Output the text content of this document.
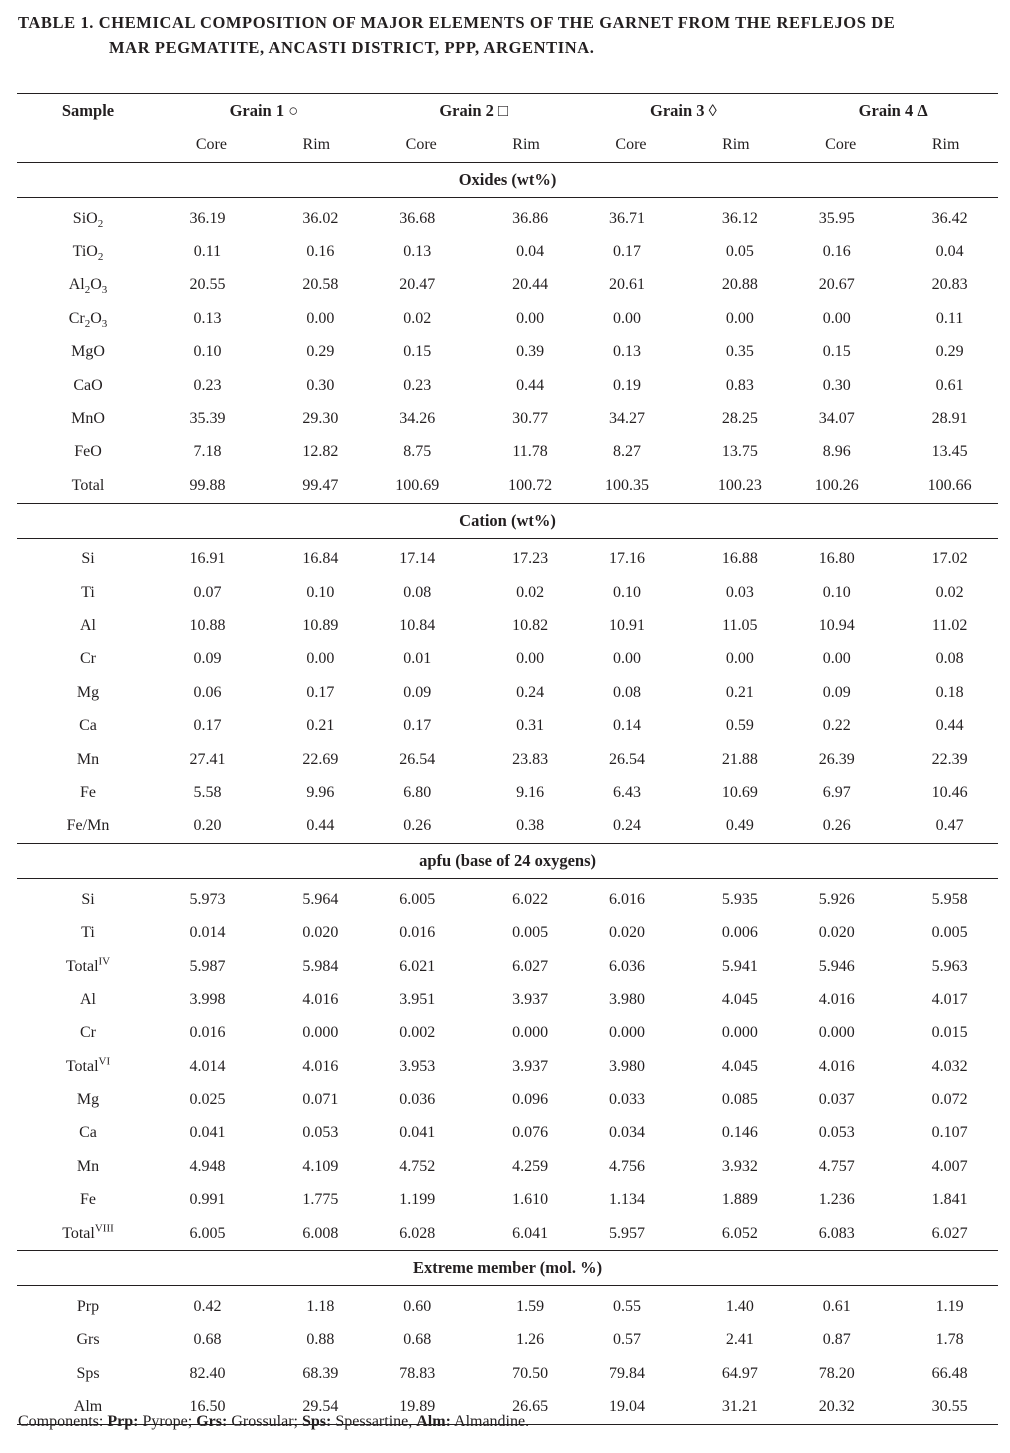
TABLE 1. CHEMICAL COMPOSITION OF MAJOR ELEMENTS OF THE GARNET FROM THE REFLEJOS DE
MAR PEGMATITE, ANCASTI DISTRICT, PPP, ARGENTINA.
Sample	Grain 1 ○		Grain 2 □		Grain 3 ◊		Grain 4 Δ	
	Core	Rim	Core	Rim	Core	Rim	Core	Rim
Oxides (wt%)								
SiO$_2$	36.19	36.02	36.68	36.86	36.71	36.12	35.95	36.42
TiO$_2$	0.11	0.16	0.13	0.04	0.17	0.05	0.16	0.04
$Al_2O_3$	20.55	20.58	20.47	20.44	20.61	20.88	20.67	20.83
$Cr_2O_3$	0.13	0.00	0.02	0.00	0.00	0.00	0.00	0.11
MgO	0.10	0.29	0.15	0.39	0.13	0.35	0.15	0.29
CaO	0.23	0.30	0.23	0.44	0.19	0.83	0.30	0.61
MnO	35.39	29.30	34.26	30.77	34.27	28.25	34.07	28.91
FeO	7.18	12.82	8.75	11.78	8.27	13.75	8.96	13.45
Total	99.88	99.47	100.69	100.72	100.35	100.23	100.26	100.66
Cation (wt%)								
Si	16.91	16.84	17.14	17.23	17.16	16.88	16.80	17.02
Ti	0.07	0.10	0.08	0.02	0.10	0.03	0.10	0.02
Al	10.88	10.89	10.84	10.82	10.91	11.05	10.94	11.02
Cr	0.09	0.00	0.01	0.00	0.00	0.00	0.00	0.08
Mg	0.06	0.17	0.09	0.24	0.08	0.21	0.09	0.18
Ca	0.17	0.21	0.17	0.31	0.14	0.59	0.22	0.44
Mn	27.41	22.69	26.54	23.83	26.54	21.88	26.39	22.39
Fe	5.58	9.96	6.80	9.16	6.43	10.69	6.97	10.46
Fe/Mn	0.20	0.44	0.26	0.38	0.24	0.49	0.26	0.47
apfu (base of 24 oxygens)								
Si	5.973	5.964	6.005	6.022	6.016	5.935	5.926	5.958
Ti	0.014	0.020	0.016	0.005	0.020	0.006	0.020	0.005
Total$^{IV}$	5.987	5.984	6.021	6.027	6.036	5.941	5.946	5.963
Al	3.998	4.016	3.951	3.937	3.980	4.045	4.016	4.017
Cr	0.016	0.000	0.002	0.000	0.000	0.000	0.000	0.015
Total$^{VI}$	4.014	4.016	3.953	3.937	3.980	4.045	4.016	4.032
Mg	0.025	0.071	0.036	0.096	0.033	0.085	0.037	0.072
Ca	0.041	0.053	0.041	0.076	0.034	0.146	0.053	0.107
Mn	4.948	4.109	4.752	4.259	4.756	3.932	4.757	4.007
Fe	0.991	1.775	1.199	1.610	1.134	1.889	1.236	1.841
Total$^{VIII}$	6.005	6.008	6.028	6.041	5.957	6.052	6.083	6.027
Extreme member (mol. %)								
Prp	0.42	1.18	0.60	1.59	0.55	1.40	0.61	1.19
Grs	0.68	0.88	0.68	1.26	0.57	2.41	0.87	1.78
Sps	82.40	68.39	78.83	70.50	79.84	64.97	78.20	66.48
Alm	16.50	29.54	19.89	26.65	19.04	31.21	20.32	30.55
Components: Prp: Pyrope; Grs: Grossular; Sps: Spessartine, Alm: Almandine.
